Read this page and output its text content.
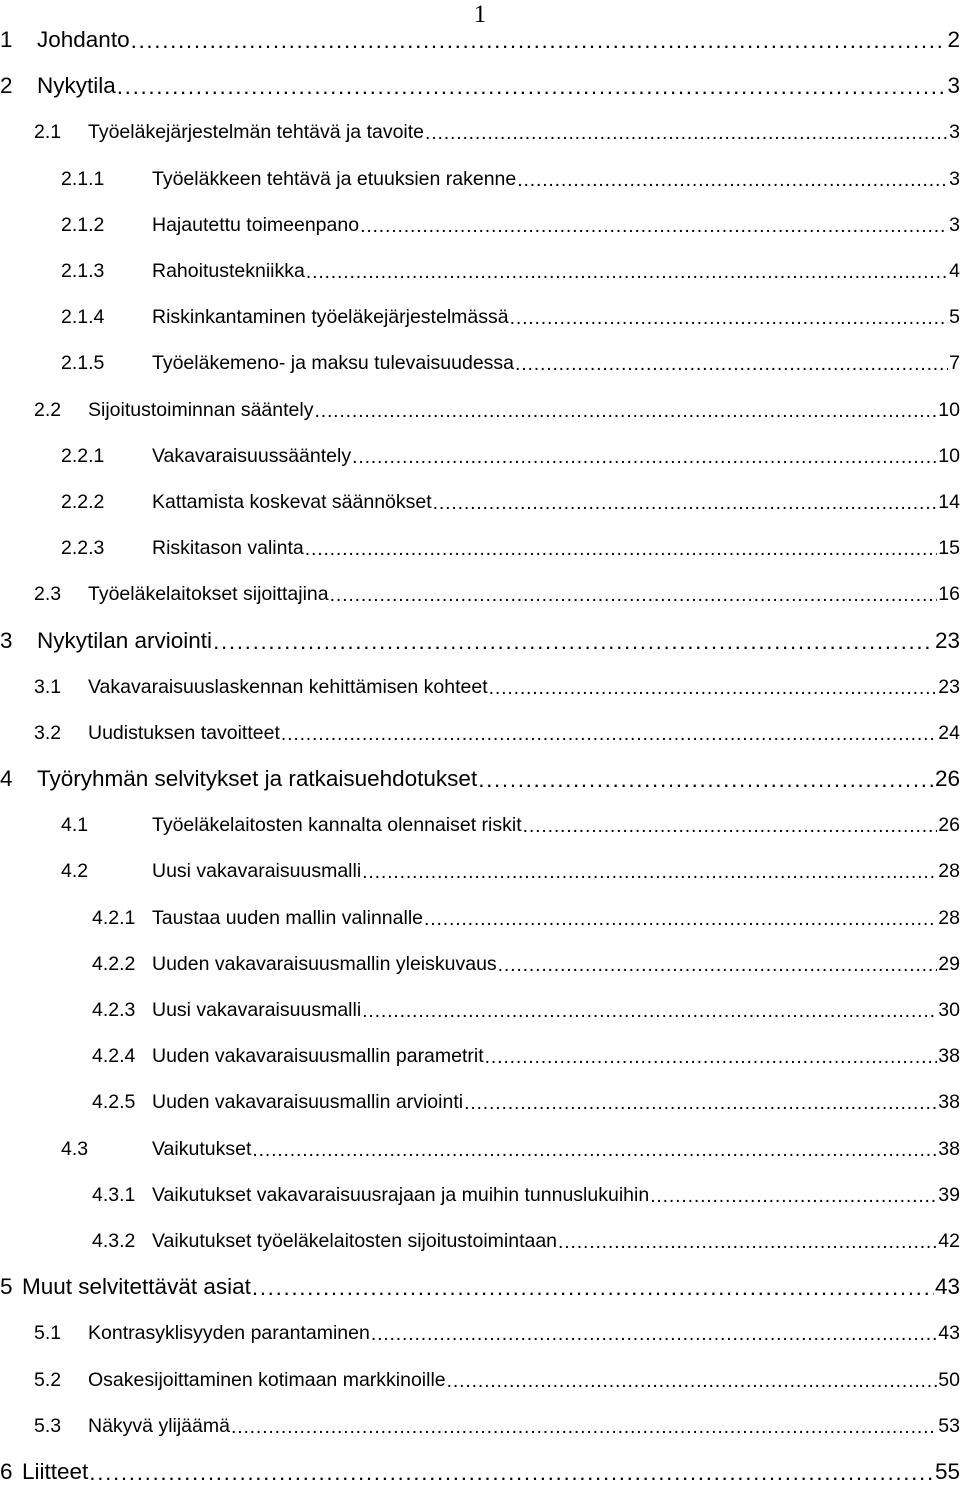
1
1	Johdanto . . .	2
2	Nykytila . . .	3
2.1	Työeläkejärjestelmän tehtävä ja tavoite . . .	3
2.1.1	Työeläkkeen tehtävä ja etuuksien rakenne . . .	3
2.1.2	Hajautettu toimeenpano . . .	3
2.1.3	Rahoitustekniikka . . .	4
2.1.4	Riskinkantaminen työeläkejärjestelmässä . . .	5
2.1.5	Työeläkemeno- ja maksu tulevaisuudessa . . .	7
2.2	Sijoitustoiminnan sääntely . . .	10
2.2.1	Vakavaraisuussääntely . . .	10
2.2.2	Kattamista koskevat säännökset . . .	14
2.2.3	Riskitason valinta . . .	15
2.3	Työeläkelaitokset sijoittajina . . .	16
3	Nykytilan arviointi . . .	23
3.1	Vakavaraisuuslaskennan kehittämisen kohteet . . .	23
3.2	Uudistuksen tavoitteet . . .	24
4	Työryhmän selvitykset ja ratkaisuehdotukset . . .	26
4.1	Työeläkelaitosten kannalta olennaiset riskit . . .	26
4.2	Uusi vakavaraisuusmalli . . .	28
4.2.1 Taustaa uuden mallin valinnalle . . .	28
4.2.2 Uuden vakavaraisuusmallin yleiskuvaus . . .	29
4.2.3 Uusi vakavaraisuusmalli . . .	30
4.2.4 Uuden vakavaraisuusmallin parametrit . . .	38
4.2.5 Uuden vakavaraisuusmallin arviointi . . .	38
4.3	Vaikutukset . . .	38
4.3.1 Vaikutukset vakavaraisuusrajaan ja muihin tunnuslukuihin . . .	39
4.3.2 Vaikutukset työeläkelaitosten sijoitustoimintaan . . .	42
5 Muut selvitettävät asiat . . .	43
5.1	Kontrasyklisyyden parantaminen . . .	43
5.2	Osakesijoittaminen kotimaan markkinoille . . .	50
5.3	Näkyvä ylijäämä . . .	53
6 Liitteet . . .	55
